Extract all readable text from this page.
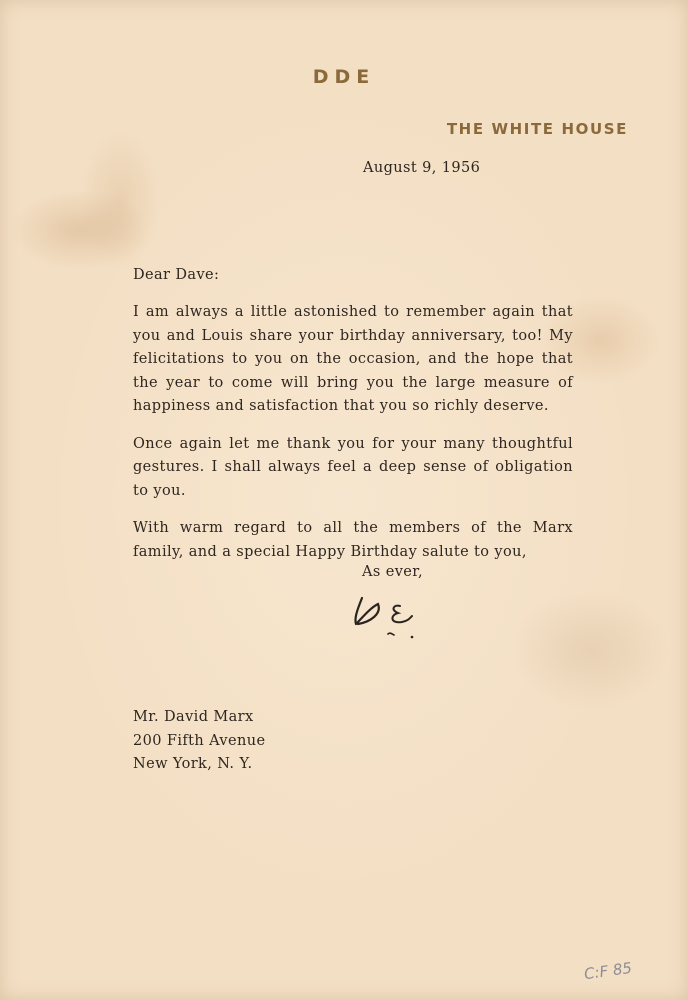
DDE
THE WHITE HOUSE
August 9, 1956
Dear Dave:

I am always a little astonished to remember again that you and Louis share your birthday anniversary, too! My felicitations to you on the occasion, and the hope that the year to come will bring you the large measure of happiness and satisfaction that you so richly deserve.

Once again let me thank you for your many thoughtful gestures. I shall always feel a deep sense of obligation to you.

With warm regard to all the members of the Marx family, and a special Happy Birthday salute to you,

As ever,
Mr. David Marx
200 Fifth Avenue
New York, N. Y.
C:F 85
